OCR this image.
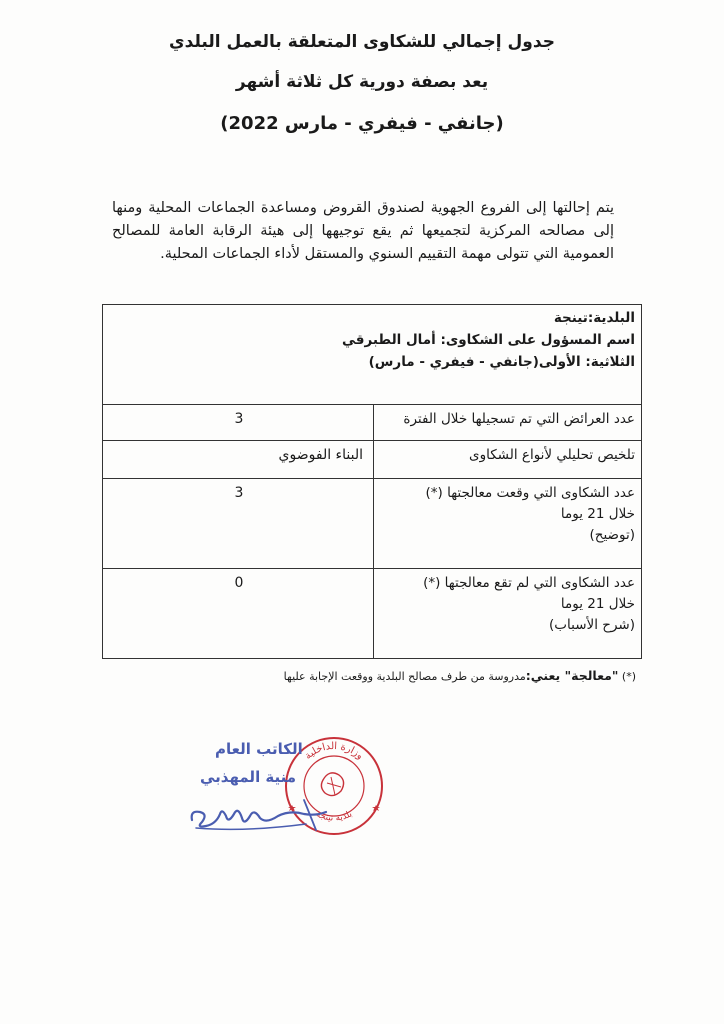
جدول إجمالي للشكاوى المتعلقة بالعمل البلدي
يعد بصفة دورية كل ثلاثة أشهر
(جانفي - فيفري - مارس 2022)

يتم إحالتها إلى الفروع الجهوية لصندوق القروض ومساعدة الجماعات المحلية ومنها إلى مصالحه المركزية لتجميعها ثم يقع توجيهها إلى هيئة الرقابة العامة للمصالح العمومية التي تتولى مهمة التقييم السنوي والمستقل لأداء الجماعات المحلية.

البلدية:تينجة
اسم المسؤول على الشكاوى: أمال الطبرقي
الثلاثية: الأولى(جانفي - فيفري - مارس)
عدد العرائض التي تم تسجيلها خلال الفترة
3
تلخيص تحليلي لأنواع الشكاوى
البناء الفوضوي
عدد الشكاوى التي وقعت معالجتها (*)
خلال 21 يوما
(توضيح)
3
عدد الشكاوى التي لم تقع معالجتها (*)
خلال 21 يوما
(شرح الأسباب)
0
(*) "معالجة" يعني:مدروسة من طرف مصالح البلدية ووقعت الإجابة عليها
وزارة الداخلية
بلدية تينجة
الكاتب العام
منية المهذبي
